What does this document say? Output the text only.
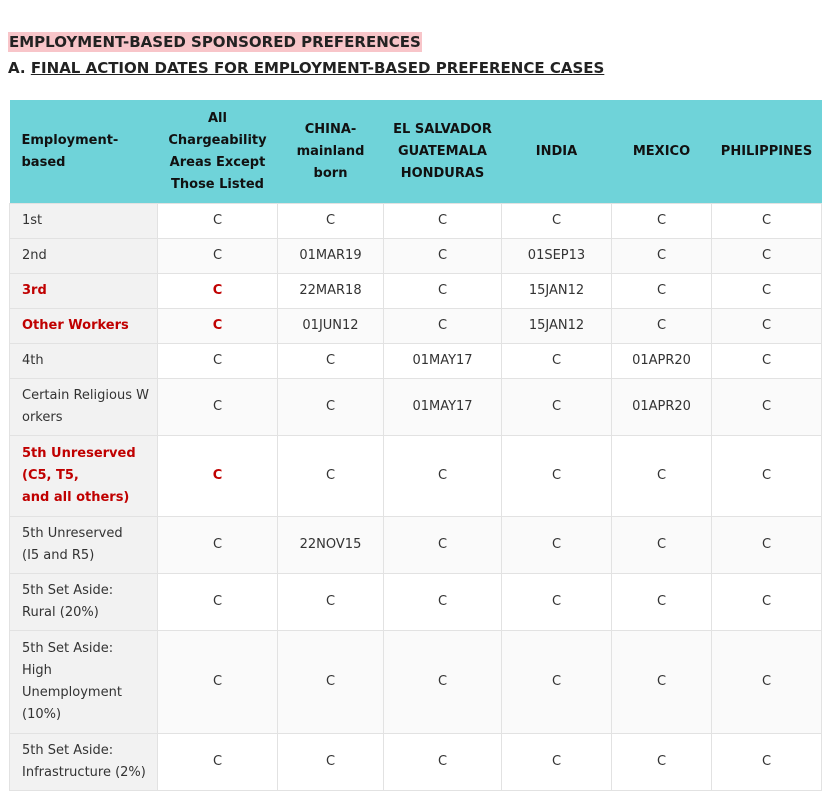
EMPLOYMENT-BASED SPONSORED PREFERENCES
A. FINAL ACTION DATES FOR EMPLOYMENT-BASED PREFERENCE CASES
Employment-
based	All
Chargeability
Areas Except
Those Listed	CHINA-
mainland
born	EL SALVADOR
GUATEMALA
HONDURAS	INDIA	MEXICO	PHILIPPINES
1st	C	C	C	C	C	C
2nd	C	01MAR19	C	01SEP13	C	C
3rd	C	22MAR18	C	15JAN12	C	C
Other Workers	C	01JUN12	C	15JAN12	C	C
4th	C	C	01MAY17	C	01APR20	C
Certain Religious Workers	C	C	01MAY17	C	01APR20	C
5th Unreserved
(C5, T5,
and all others)	C	C	C	C	C	C
5th Unreserved
(I5 and R5)	C	22NOV15	C	C	C	C
5th Set Aside:
Rural (20%)	C	C	C	C	C	C
5th Set Aside:
High
Unemployment
(10%)	C	C	C	C	C	C
5th Set Aside:
Infrastructure (2%)	C	C	C	C	C	C
